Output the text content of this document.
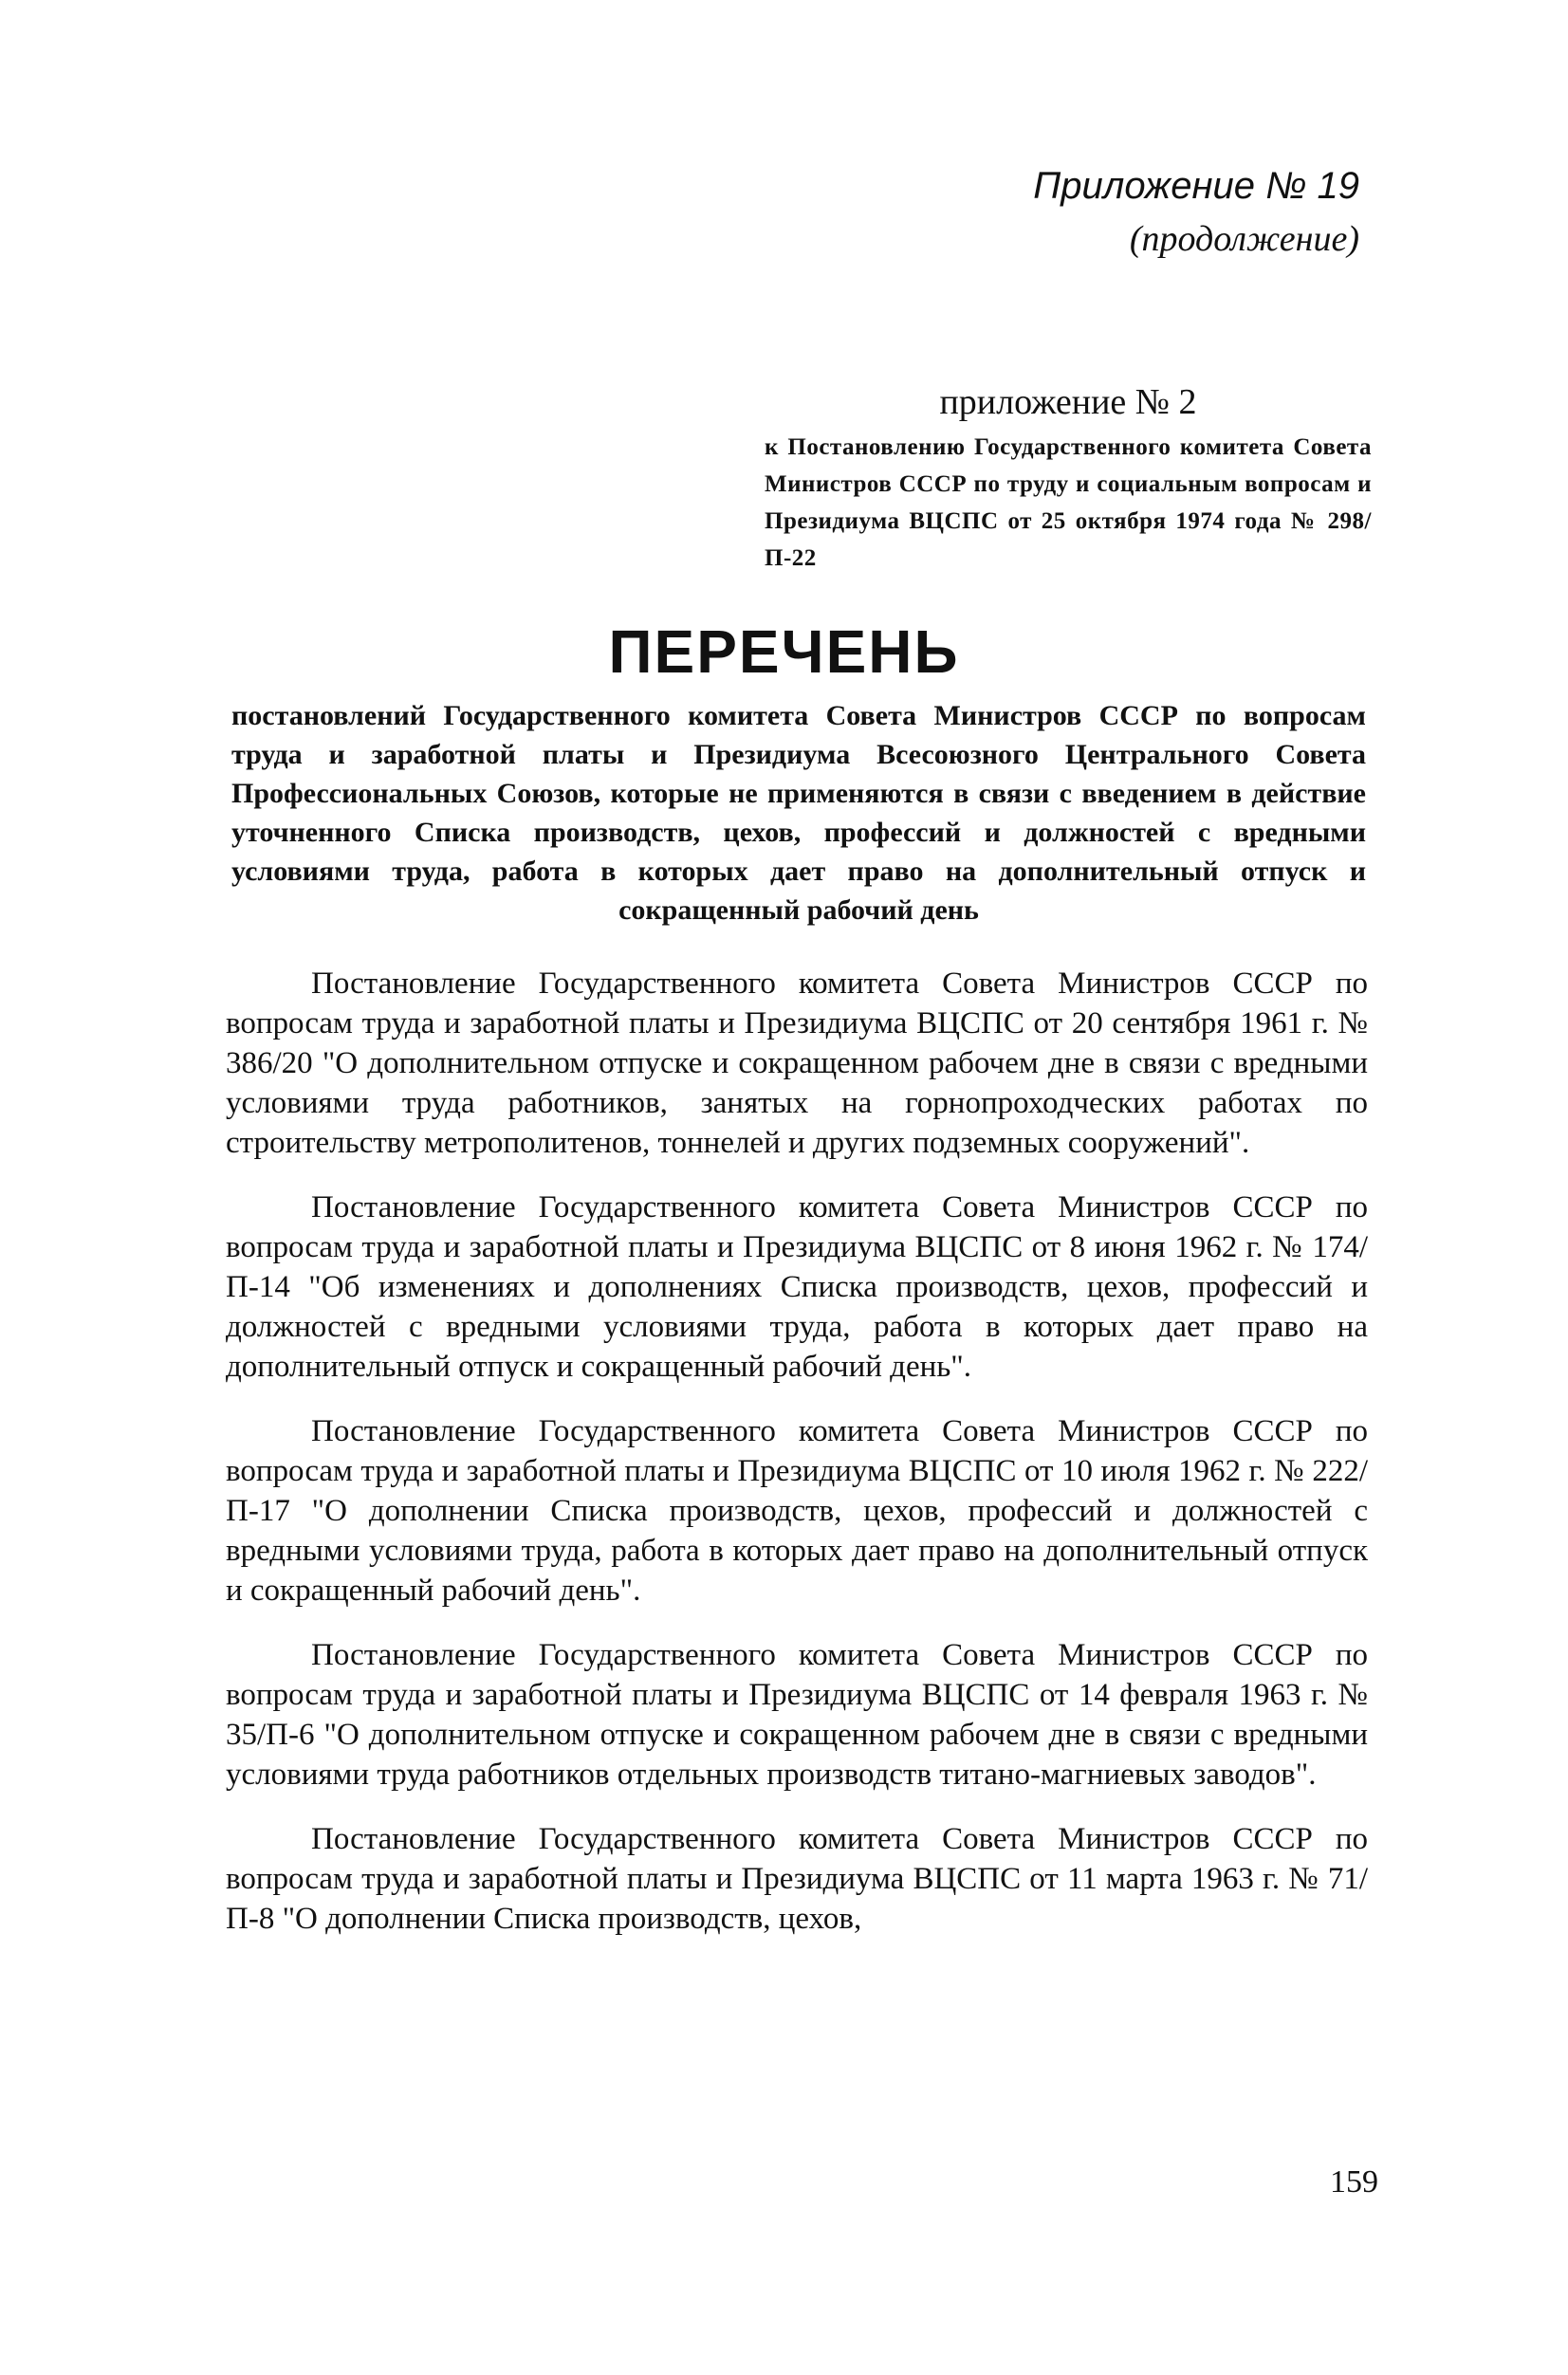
Приложение № 19
(продолжение)
приложение № 2
к Постановлению Государственного комитета Совета Министров СССР по труду и социальным вопросам и Президиума ВЦСПС от 25 октября 1974 года № 298/П-22
ПЕРЕЧЕНЬ
постановлений Государственного комитета Совета Министров СССР по вопросам труда и заработной платы и Президиума Всесоюзного Центрального Совета Профессиональных Союзов, которые не применяются в связи с введением в действие уточненного Списка производств, цехов, профессий и должностей с вредными условиями труда, работа в которых дает право на дополнительный отпуск и сокращенный рабочий день

Постановление Государственного комитета Совета Министров СССР по вопросам труда и заработной платы и Президиума ВЦСПС от 20 сентября 1961 г. № 386/20 "О дополнительном отпуске и сокращенном рабочем дне в связи с вредными условиями труда работников, занятых на горнопроходческих работах по строительству метрополитенов, тоннелей и других подземных сооружений".

Постановление Государственного комитета Совета Министров СССР по вопросам труда и заработной платы и Президиума ВЦСПС от 8 июня 1962 г. № 174/П-14 "Об изменениях и дополнениях Списка производств, цехов, профессий и должностей с вредными условиями труда, работа в которых дает право на дополнительный отпуск и сокращенный рабочий день".

Постановление Государственного комитета Совета Министров СССР по вопросам труда и заработной платы и Президиума ВЦСПС от 10 июля 1962 г. № 222/П-17 "О дополнении Списка производств, цехов, профессий и должностей с вредными условиями труда, работа в которых дает право на дополнительный отпуск и сокращенный рабочий день".

Постановление Государственного комитета Совета Министров СССР по вопросам труда и заработной платы и Президиума ВЦСПС от 14 февраля 1963 г. № 35/П-6 "О дополнительном отпуске и сокращенном рабочем дне в связи с вредными условиями труда работников отдельных производств титано-магниевых заводов".

Постановление Государственного комитета Совета Министров СССР по вопросам труда и заработной платы и Президиума ВЦСПС от 11 марта 1963 г. № 71/П-8 "О дополнении Списка производств, цехов,

159
